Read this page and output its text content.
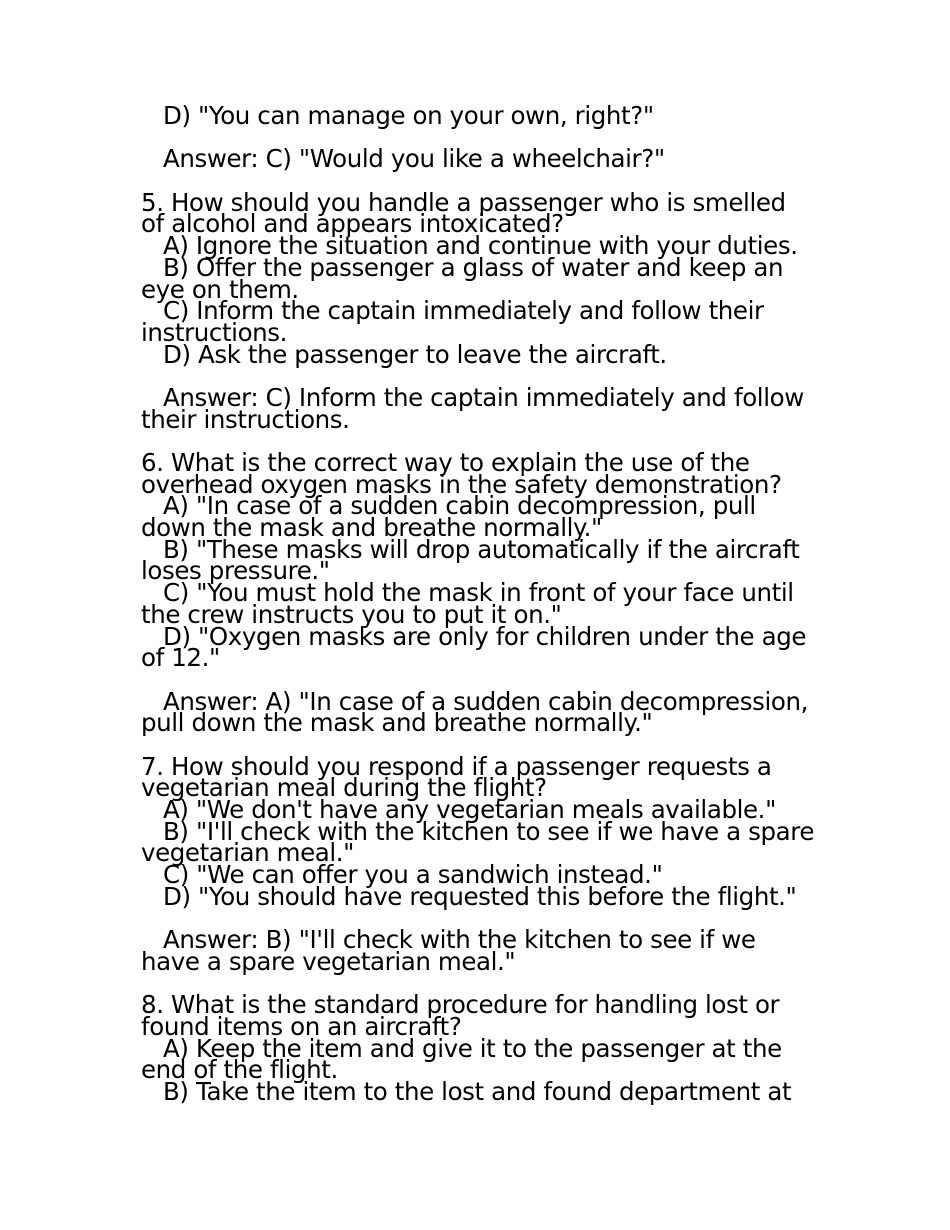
D) "You can manage on your own, right?"
Answer: C) "Would you like a wheelchair?"
5. How should you handle a passenger who is smelled
of alcohol and appears intoxicated?
A) Ignore the situation and continue with your duties.
B) Offer the passenger a glass of water and keep an
eye on them.
C) Inform the captain immediately and follow their
instructions.
D) Ask the passenger to leave the aircraft.
Answer: C) Inform the captain immediately and follow
their instructions.
6. What is the correct way to explain the use of the
overhead oxygen masks in the safety demonstration?
A) "In case of a sudden cabin decompression, pull
down the mask and breathe normally."
B) "These masks will drop automatically if the aircraft
loses pressure."
C) "You must hold the mask in front of your face until
the crew instructs you to put it on."
D) "Oxygen masks are only for children under the age
of 12."
Answer: A) "In case of a sudden cabin decompression,
pull down the mask and breathe normally."
7. How should you respond if a passenger requests a
vegetarian meal during the flight?
A) "We don't have any vegetarian meals available."
B) "I'll check with the kitchen to see if we have a spare
vegetarian meal."
C) "We can offer you a sandwich instead."
D) "You should have requested this before the flight."
Answer: B) "I'll check with the kitchen to see if we
have a spare vegetarian meal."
8. What is the standard procedure for handling lost or
found items on an aircraft?
A) Keep the item and give it to the passenger at the
end of the flight.
B) Take the item to the lost and found department at
